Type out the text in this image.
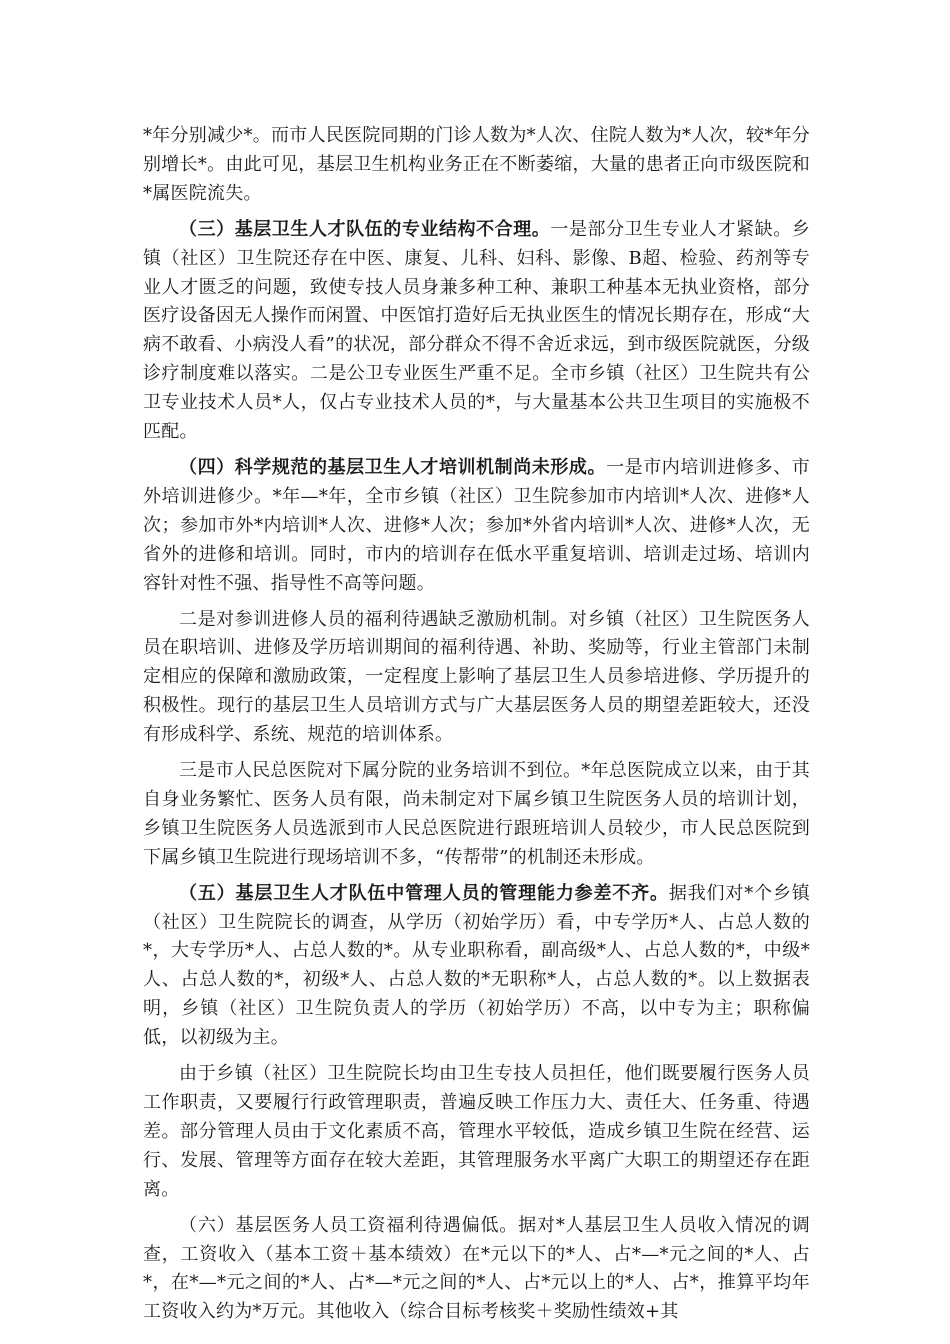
*年分别减少*。而市人民医院同期的门诊人数为*人次、住院人数为*人次，较*年分别增长*。由此可见，基层卫生机构业务正在不断萎缩，大量的患者正向市级医院和*属医院流失。

（三）基层卫生人才队伍的专业结构不合理。一是部分卫生专业人才紧缺。乡镇（社区）卫生院还存在中医、康复、儿科、妇科、影像、B超、检验、药剂等专业人才匮乏的问题，致使专技人员身兼多种工种、兼职工种基本无执业资格，部分医疗设备因无人操作而闲置、中医馆打造好后无执业医生的情况长期存在，形成“大病不敢看、小病没人看”的状况，部分群众不得不舍近求远，到市级医院就医，分级诊疗制度难以落实。二是公卫专业医生严重不足。全市乡镇（社区）卫生院共有公卫专业技术人员*人，仅占专业技术人员的*，与大量基本公共卫生项目的实施极不匹配。

（四）科学规范的基层卫生人才培训机制尚未形成。一是市内培训进修多、市外培训进修少。*年—*年，全市乡镇（社区）卫生院参加市内培训*人次、进修*人次；参加市外*内培训*人次、进修*人次；参加*外省内培训*人次、进修*人次，无省外的进修和培训。同时，市内的培训存在低水平重复培训、培训走过场、培训内容针对性不强、指导性不高等问题。

二是对参训进修人员的福利待遇缺乏激励机制。对乡镇（社区）卫生院医务人员在职培训、进修及学历培训期间的福利待遇、补助、奖励等，行业主管部门未制定相应的保障和激励政策，一定程度上影响了基层卫生人员参培进修、学历提升的积极性。现行的基层卫生人员培训方式与广大基层医务人员的期望差距较大，还没有形成科学、系统、规范的培训体系。

三是市人民总医院对下属分院的业务培训不到位。*年总医院成立以来，由于其自身业务繁忙、医务人员有限，尚未制定对下属乡镇卫生院医务人员的培训计划，乡镇卫生院医务人员选派到市人民总医院进行跟班培训人员较少，市人民总医院到下属乡镇卫生院进行现场培训不多，“传帮带”的机制还未形成。

（五）基层卫生人才队伍中管理人员的管理能力参差不齐。据我们对*个乡镇（社区）卫生院院长的调查，从学历（初始学历）看，中专学历*人、占总人数的*，大专学历*人、占总人数的*。从专业职称看，副高级*人、占总人数的*，中级*人、占总人数的*，初级*人、占总人数的*无职称*人，占总人数的*。以上数据表明，乡镇（社区）卫生院负责人的学历（初始学历）不高，以中专为主；职称偏低，以初级为主。

由于乡镇（社区）卫生院院长均由卫生专技人员担任，他们既要履行医务人员工作职责，又要履行行政管理职责，普遍反映工作压力大、责任大、任务重、待遇差。部分管理人员由于文化素质不高，管理水平较低，造成乡镇卫生院在经营、运行、发展、管理等方面存在较大差距，其管理服务水平离广大职工的期望还存在距离。

（六）基层医务人员工资福利待遇偏低。据对*人基层卫生人员收入情况的调查，工资收入（基本工资＋基本绩效）在*元以下的*人、占*—*元之间的*人、占*，在*—*元之间的*人、占*—*元之间的*人、占*元以上的*人、占*，推算平均年工资收入约为*万元。其他收入（综合目标考核奖＋奖励性绩效+其
